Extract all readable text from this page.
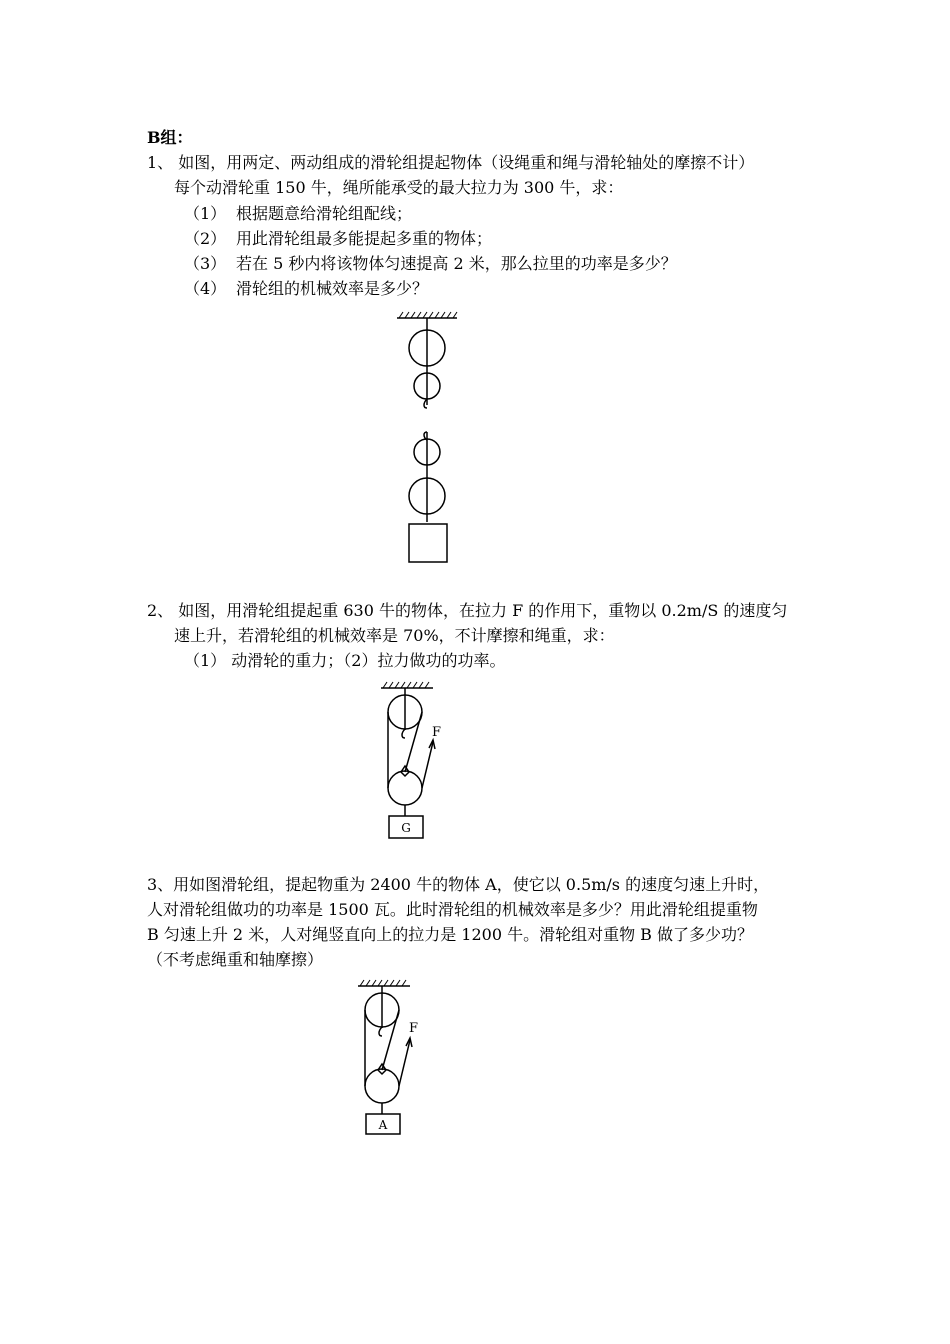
B组：
1、 如图，用两定、两动组成的滑轮组提起物体（设绳重和绳与滑轮轴处的摩擦不计）
每个动滑轮重 150 牛，绳所能承受的最大拉力为 300 牛，求：
（1） 根据题意给滑轮组配线；
（2） 用此滑轮组最多能提起多重的物体；
（3） 若在 5 秒内将该物体匀速提高 2 米，那么拉里的功率是多少？
（4） 滑轮组的机械效率是多少？
2、 如图，用滑轮组提起重 630 牛的物体，在拉力 F 的作用下，重物以 0.2m/S 的速度匀
速上升，若滑轮组的机械效率是 70%，不计摩擦和绳重，求：
（1） 动滑轮的重力；（2）拉力做功的功率。
F
G
3、用如图滑轮组，提起物重为 2400 牛的物体 A，使它以 0.5m/s 的速度匀速上升时，
人对滑轮组做功的功率是 1500 瓦。此时滑轮组的机械效率是多少？用此滑轮组提重物
B 匀速上升 2 米，人对绳竖直向上的拉力是 1200 牛。滑轮组对重物 B 做了多少功？
（不考虑绳重和轴摩擦）
F
A
